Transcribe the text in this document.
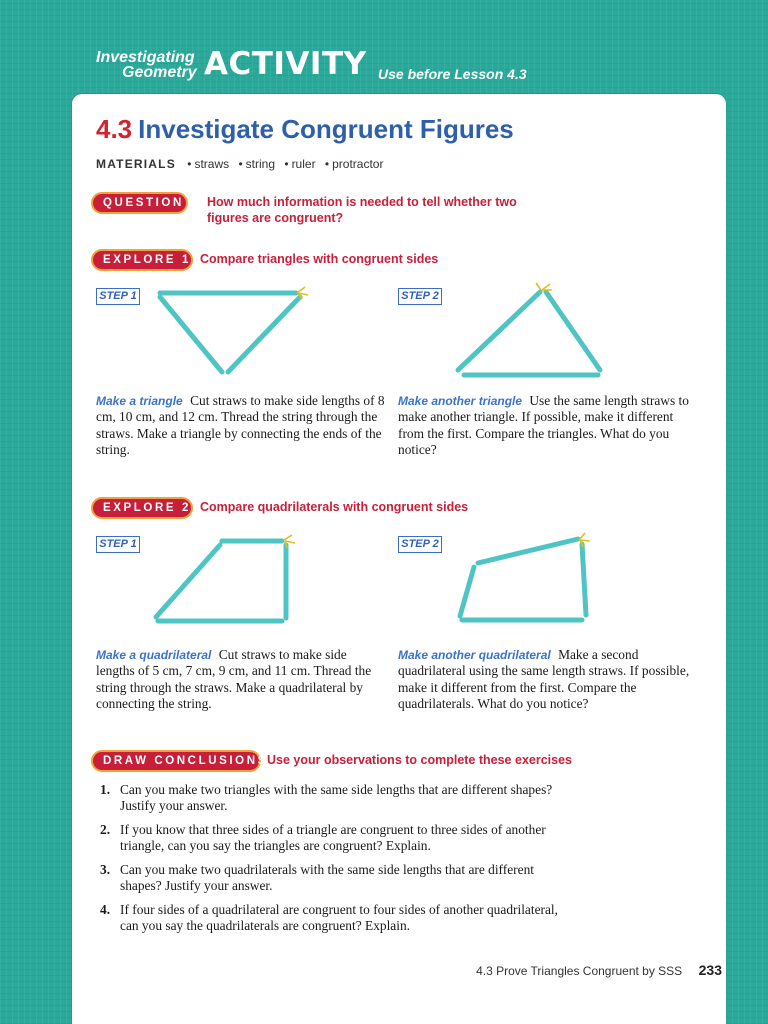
Investigating
Geometry ACTIVITY Use before Lesson 4.3
4.3 Investigate Congruent Figures
MATERIALS • straws • string • ruler • protractor
QUESTION	How much information is needed to tell whether two figures are congruent?
EXPLORE 1 Compare triangles with congruent sides
STEP 1	STEP 2
Make a triangle Cut straws to make side lengths of 8 cm, 10 cm, and 12 cm. Thread the string through the straws. Make a triangle by connecting the ends of the string.
Make another triangle Use the same length straws to make another triangle. If possible, make it different from the first. Compare the triangles. What do you notice?
EXPLORE 2 Compare quadrilaterals with congruent sides
STEP 1	STEP 2
Make a quadrilateral Cut straws to make side lengths of 5 cm, 7 cm, 9 cm, and 11 cm. Thread the string through the straws. Make a quadrilateral by connecting the string.
Make another quadrilateral Make a second quadrilateral using the same length straws. If possible, make it different from the first. Compare the quadrilaterals. What do you notice?
DRAW CONCLUSIONS Use your observations to complete these exercises
1. Can you make two triangles with the same side lengths that are different shapes? Justify your answer.
2. If you know that three sides of a triangle are congruent to three sides of another triangle, can you say the triangles are congruent? Explain.
3. Can you make two quadrilaterals with the same side lengths that are different shapes? Justify your answer.
4. If four sides of a quadrilateral are congruent to four sides of another quadrilateral, can you say the quadrilaterals are congruent? Explain.
4.3 Prove Triangles Congruent by SSS 233
